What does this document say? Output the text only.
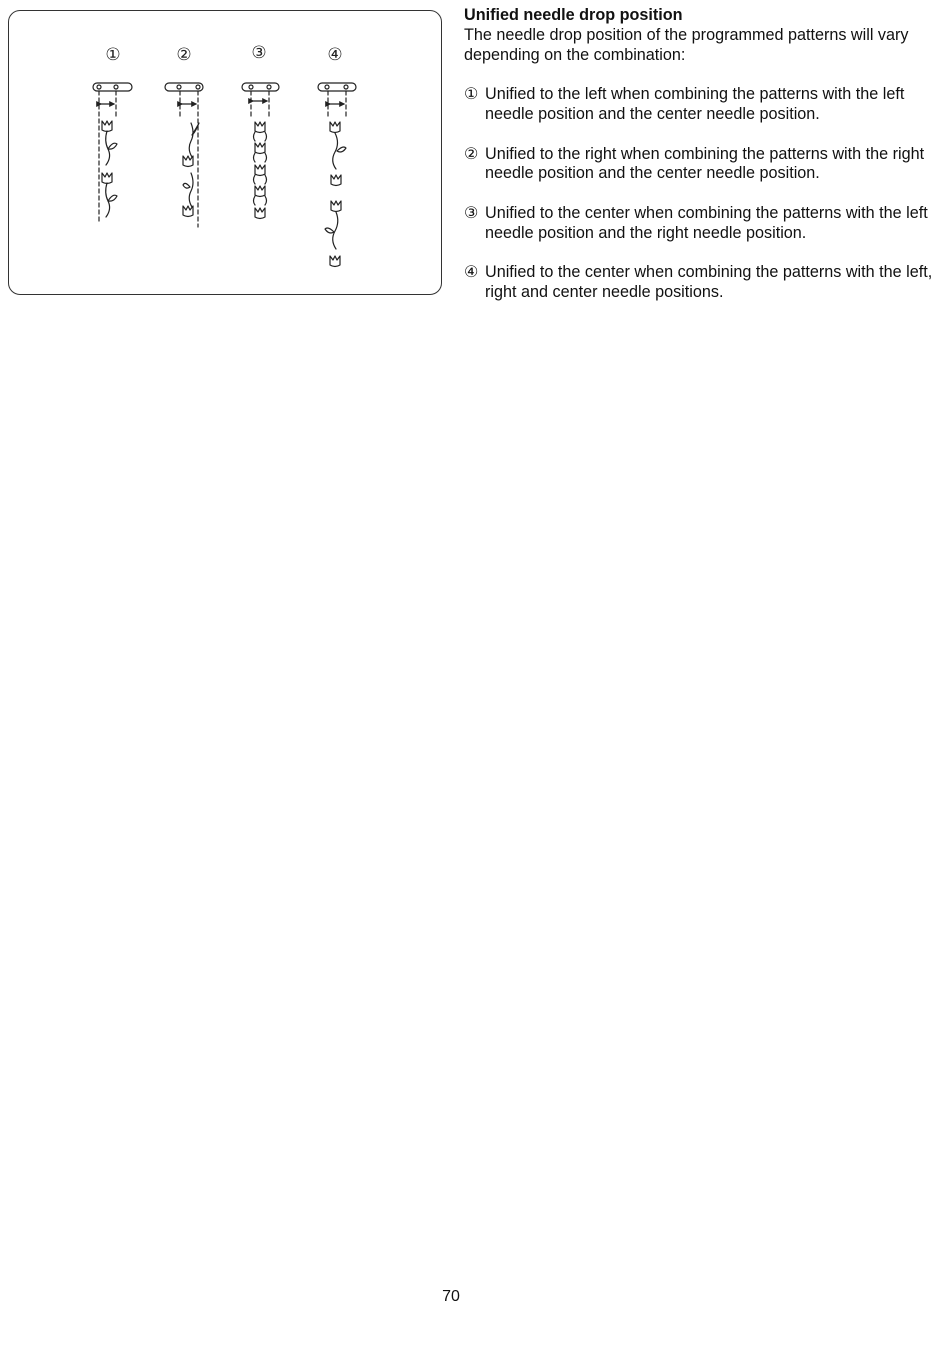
①	②	③	④

Unified needle drop position

The needle drop position of the programmed patterns will vary depending on the combination:

① Unified to the left when combining the patterns with the left needle position and the center needle position.
② Unified to the right when combining the patterns with the right needle position and the center needle position.
③ Unified to the center when combining the patterns with the left needle position and the right needle position.
④ Unified to the center when combining the patterns with the left, right and center needle positions.
70
